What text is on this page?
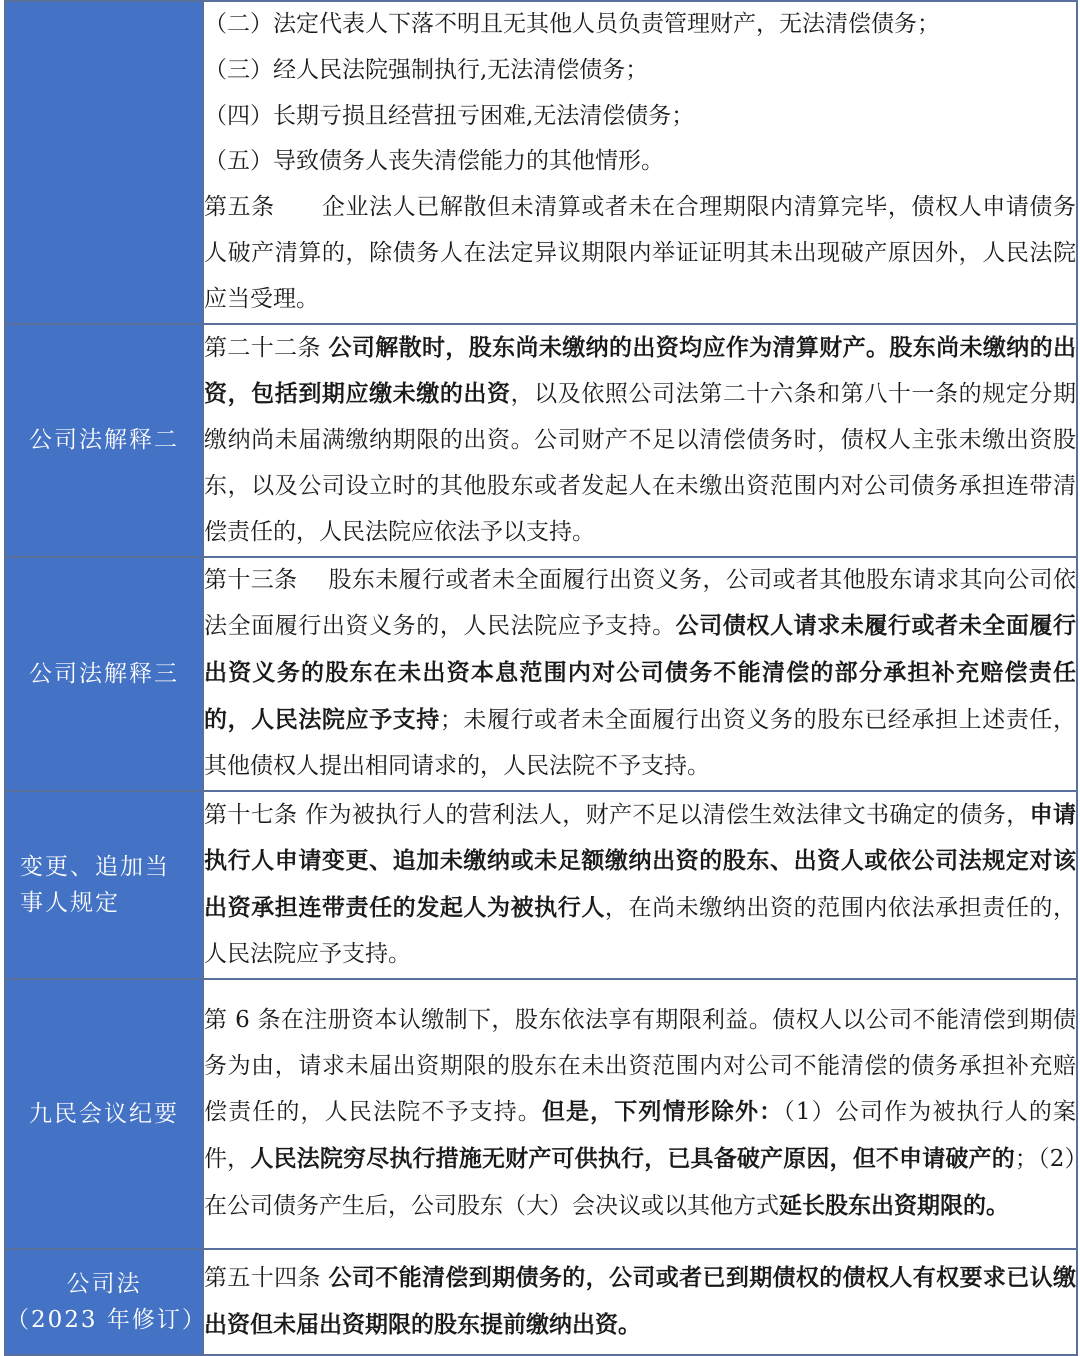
	（二）法定代表人下落不明且无其他人员负责管理财产，无法清偿债务；

（三）经人民法院强制执行,无法清偿债务；

（四）长期亏损且经营扭亏困难,无法清偿债务；

（五）导致债务人丧失清偿能力的其他情形。

第五条　　企业法人已解散但未清算或者未在合理期限内清算完毕，债权人申请债务人破产清算的，除债务人在法定异议期限内举证证明其未出现破产原因外，人民法院应当受理。

公司法解释二	第二十二条 公司解散时，股东尚未缴纳的出资均应作为清算财产。股东尚未缴纳的出资，包括到期应缴未缴的出资，以及依照公司法第二十六条和第八十一条的规定分期缴纳尚未届满缴纳期限的出资。公司财产不足以清偿债务时，债权人主张未缴出资股东，以及公司设立时的其他股东或者发起人在未缴出资范围内对公司债务承担连带清偿责任的，人民法院应依法予以支持。

公司法解释三	第十三条　 股东未履行或者未全面履行出资义务，公司或者其他股东请求其向公司依法全面履行出资义务的，人民法院应予支持。公司债权人请求未履行或者未全面履行出资义务的股东在未出资本息范围内对公司债务不能清偿的部分承担补充赔偿责任的，人民法院应予支持；未履行或者未全面履行出资义务的股东已经承担上述责任，其他债权人提出相同请求的，人民法院不予支持。

变更、追加当事人规定	第十七条 作为被执行人的营利法人，财产不足以清偿生效法律文书确定的债务，申请执行人申请变更、追加未缴纳或未足额缴纳出资的股东、出资人或依公司法规定对该出资承担连带责任的发起人为被执行人，在尚未缴纳出资的范围内依法承担责任的，人民法院应予支持。

九民会议纪要	第 6 条在注册资本认缴制下，股东依法享有期限利益。债权人以公司不能清偿到期债务为由，请求未届出资期限的股东在未出资范围内对公司不能清偿的债务承担补充赔偿责任的，人民法院不予支持。但是，下列情形除外：（1）公司作为被执行人的案件，人民法院穷尽执行措施无财产可供执行，已具备破产原因，但不申请破产的；（2）在公司债务产生后，公司股东（大）会决议或以其他方式延长股东出资期限的。

公司法
（2023 年修订）	第五十四条 公司不能清偿到期债务的，公司或者已到期债权的债权人有权要求已认缴出资但未届出资期限的股东提前缴纳出资。
